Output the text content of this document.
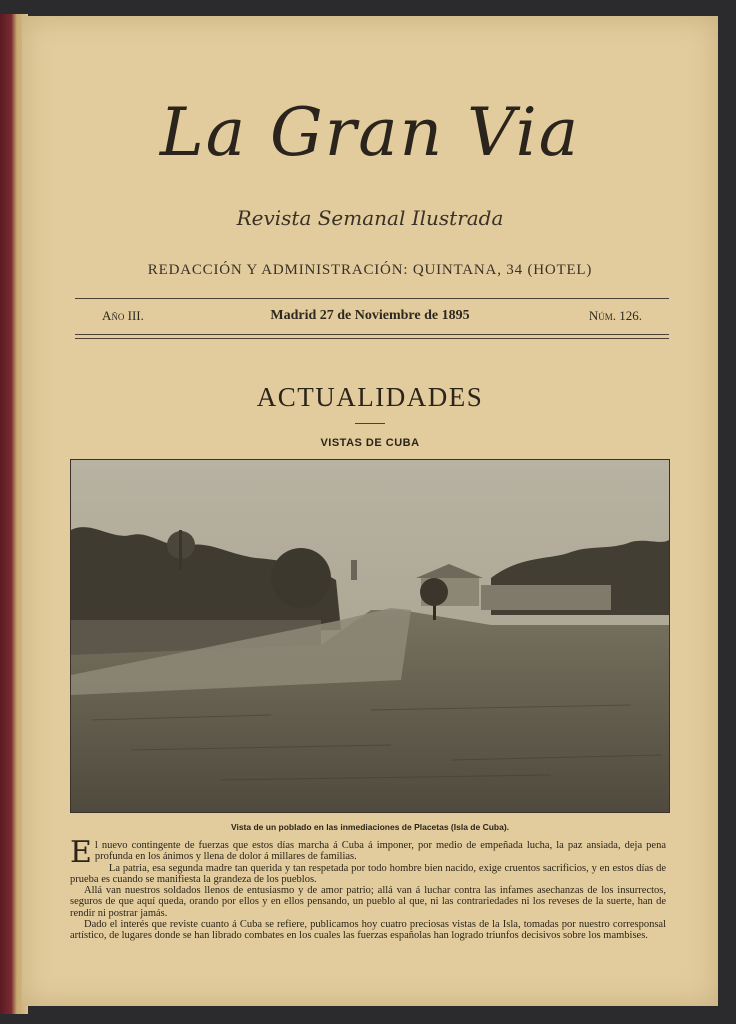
La Gran Via
Revista Semanal Ilustrada
REDACCIÓN Y ADMINISTRACIÓN: QUINTANA, 34 (HOTEL)
Madrid 27 de Noviembre de 1895
Año III.	Núm. 126.
ACTUALIDADES
VISTAS DE CUBA
Vista de un poblado en las inmediaciones de Placetas (Isla de Cuba).

El nuevo contingente de fuerzas que estos días marcha á Cuba á imponer, por medio de empeñada lucha, la paz ansiada, deja pena profunda en los ánimos y llena de dolor á millares de familias.

La patria, esa segunda madre tan querida y tan respetada por todo hombre bien nacido, exige cruentos sacrificios, y en estos días de prueba es cuando se manifiesta la grandeza de los pueblos.

Allá van nuestros soldados llenos de entusiasmo y de amor patrio; allá van á luchar contra las infames asechanzas de los insurrectos, seguros de que aquí queda, orando por ellos y en ellos pensando, un pueblo al que, ni las contrariedades ni los reveses de la suerte, han de rendir ni postrar jamás.

Dado el interés que reviste cuanto á Cuba se refiere, publicamos hoy cuatro preciosas vistas de la Isla, tomadas por nuestro corresponsal artístico, de lugares donde se han librado combates en los cuales las fuerzas españolas han logrado triunfos decisivos sobre los mambises.
